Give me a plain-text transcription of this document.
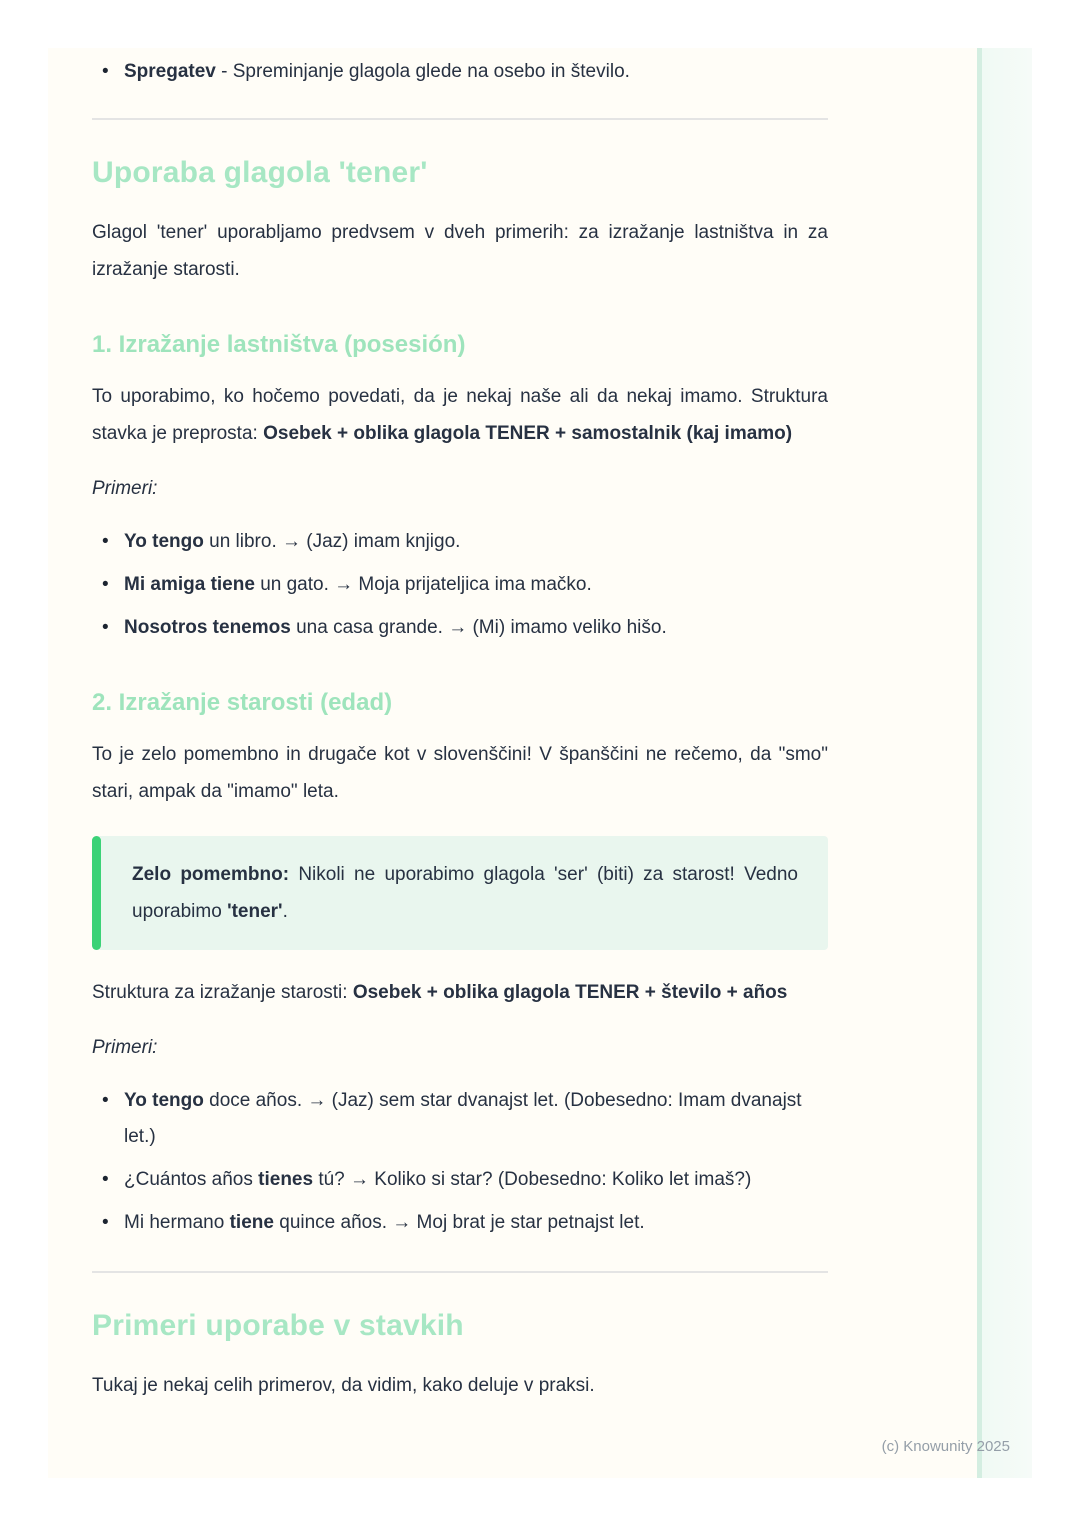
• Spregatev - Spreminjanje glagola glede na osebo in število.
Uporaba glagola 'tener'

Glagol 'tener' uporabljamo predvsem v dveh primerih: za izražanje lastništva in za izražanje starosti.

1. Izražanje lastništva (posesión)

To uporabimo, ko hočemo povedati, da je nekaj naše ali da nekaj imamo. Struktura stavka je preprosta: Osebek + oblika glagola TENER + samostalnik (kaj imamo)

Primeri:

• Yo tengo un libro. → (Jaz) imam knjigo.
• Mi amiga tiene un gato. → Moja prijateljica ima mačko.
• Nosotros tenemos una casa grande. → (Mi) imamo veliko hišo.
2. Izražanje starosti (edad)

To je zelo pomembno in drugače kot v slovenščini! V španščini ne rečemo, da "smo" stari, ampak da "imamo" leta.

Zelo pomembno: Nikoli ne uporabimo glagola 'ser' (biti) za starost! Vedno uporabimo 'tener'.

Struktura za izražanje starosti: Osebek + oblika glagola TENER + število + años

Primeri:

• Yo tengo doce años. → (Jaz) sem star dvanajst let. (Dobesedno: Imam dvanajst let.)
• ¿Cuántos años tienes tú? → Koliko si star? (Dobesedno: Koliko let imaš?)
• Mi hermano tiene quince años. → Moj brat je star petnajst let.
Primeri uporabe v stavkih

Tukaj je nekaj celih primerov, da vidim, kako deluje v praksi.

(c) Knowunity 2025
